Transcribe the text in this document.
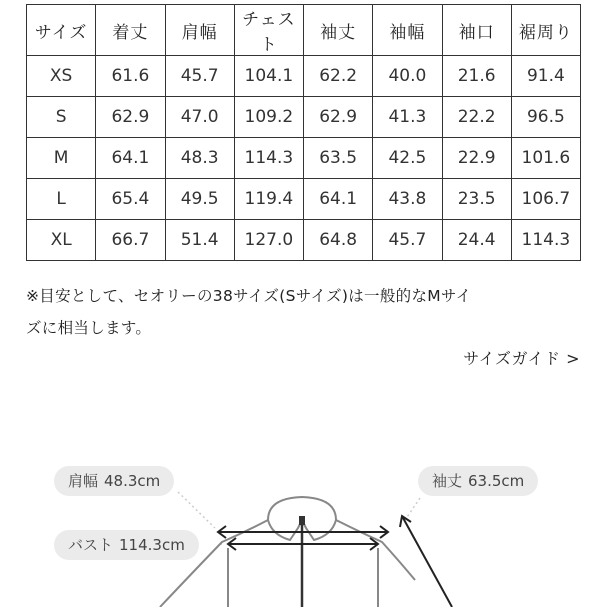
サイズ	着丈	肩幅	チェスト	袖丈	袖幅	袖口	裾周り
XS	61.6	45.7	104.1	62.2	40.0	21.6	91.4
S	62.9	47.0	109.2	62.9	41.3	22.2	96.5
M	64.1	48.3	114.3	63.5	42.5	22.9	101.6
L	65.4	49.5	119.4	64.1	43.8	23.5	106.7
XL	66.7	51.4	127.0	64.8	45.7	24.4	114.3
※目安として、セオリーの38サイズ(Sサイズ)は一般的なMサイ
ズに相当します。
サイズガイド >
肩幅 48.3cm	袖丈 63.5cm
バスト 114.3cm
